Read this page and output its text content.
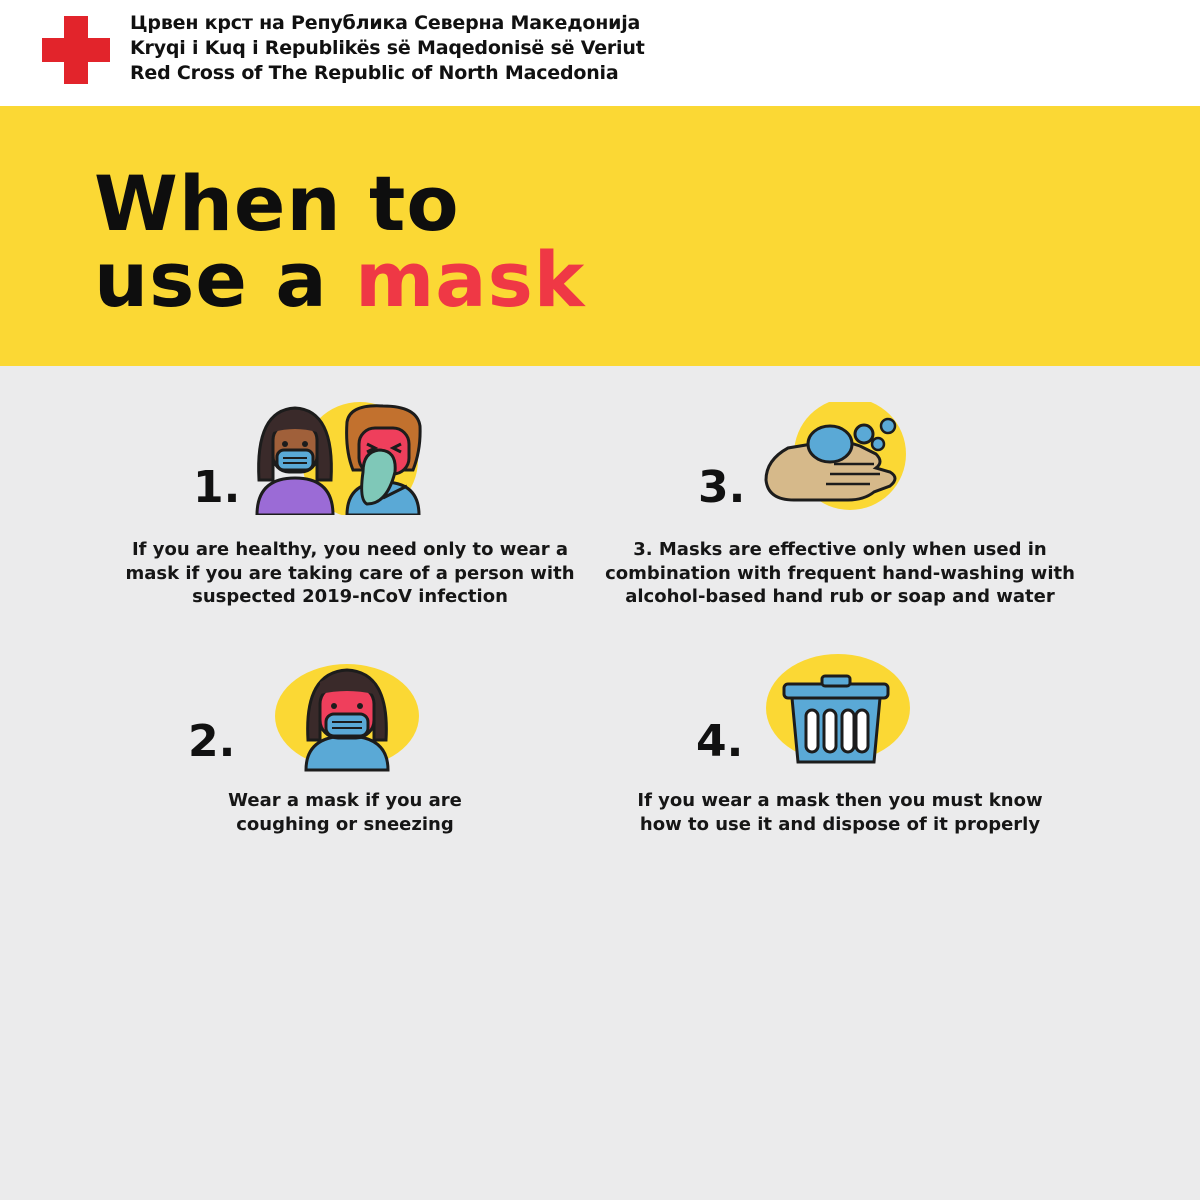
Црвен крст на Република Северна Македонија
Kryqi i Kuq i Republikës së Maqedonisë së Veriut
Red Cross of The Republic of North Macedonia
When to
use a mask
1.
If you are healthy, you need only to wear a mask if you are taking care of a person with suspected 2019-nCoV infection
2.
Wear a mask if you are coughing or sneezing
3.
3. Masks are effective only when used in combination with frequent hand-washing with alcohol-based hand rub or soap and water
4.
If you wear a mask then you must know how to use it and dispose of it properly
